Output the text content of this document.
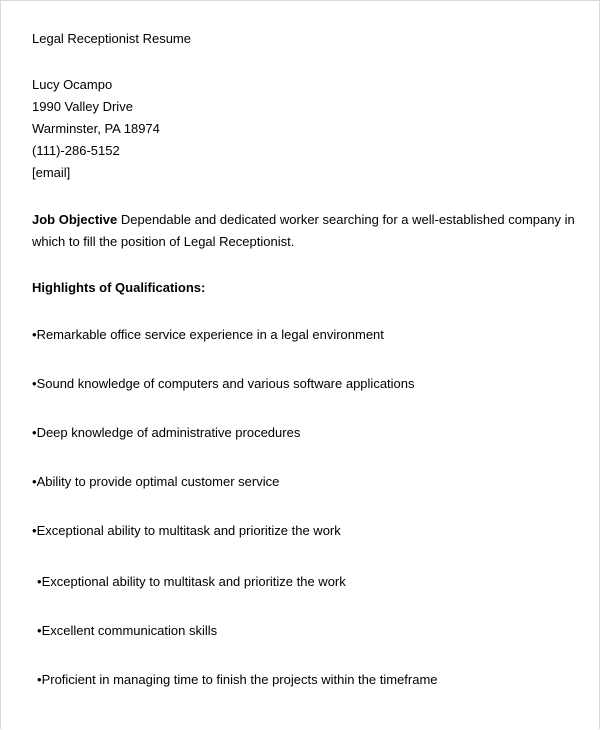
Legal Receptionist Resume
Lucy Ocampo
1990 Valley Drive
Warminster, PA 18974
(111)-286-5152
[email]
Job Objective Dependable and dedicated worker searching for a well-established company in
which to fill the position of Legal Receptionist.
Highlights of Qualifications:
•Remarkable office service experience in a legal environment
•Sound knowledge of computers and various software applications
•Deep knowledge of administrative procedures
•Ability to provide optimal customer service
•Exceptional ability to multitask and prioritize the work
•Exceptional ability to multitask and prioritize the work
•Excellent communication skills
•Proficient in managing time to finish the projects within the timeframe
